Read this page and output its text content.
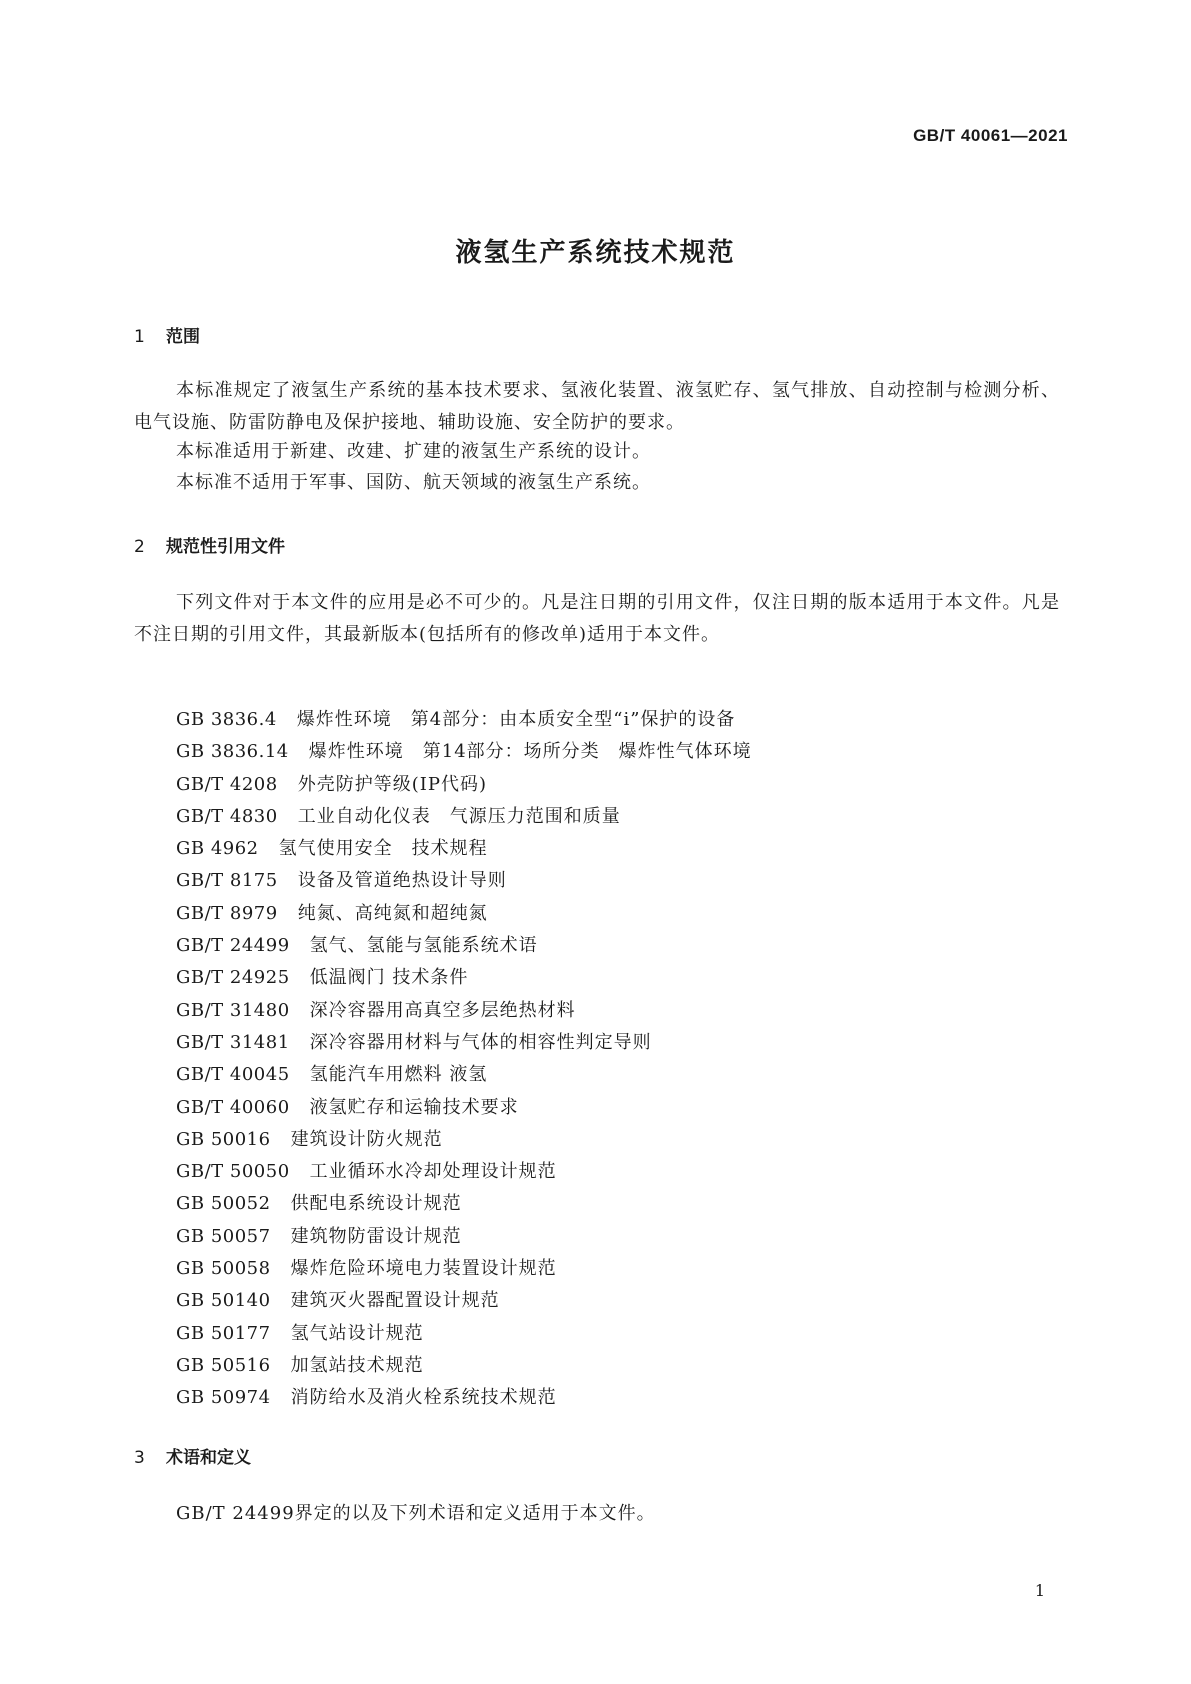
GB/T 40061—2021
液氢生产系统技术规范
1 范围

本标准规定了液氢生产系统的基本技术要求、氢液化装置、液氢贮存、氢气排放、自动控制与检测分析、电气设施、防雷防静电及保护接地、辅助设施、安全防护的要求。

本标准适用于新建、改建、扩建的液氢生产系统的设计。

本标准不适用于军事、国防、航天领域的液氢生产系统。

2 规范性引用文件

下列文件对于本文件的应用是必不可少的。凡是注日期的引用文件，仅注日期的版本适用于本文件。凡是不注日期的引用文件，其最新版本(包括所有的修改单)适用于本文件。

GB 3836.4 爆炸性环境　第4部分：由本质安全型“i”保护的设备
GB 3836.14 爆炸性环境　第14部分：场所分类　爆炸性气体环境
GB/T 4208 外壳防护等级(IP代码)
GB/T 4830 工业自动化仪表　气源压力范围和质量
GB 4962 氢气使用安全　技术规程
GB/T 8175 设备及管道绝热设计导则
GB/T 8979 纯氮、高纯氮和超纯氮
GB/T 24499 氢气、氢能与氢能系统术语
GB/T 24925 低温阀门 技术条件
GB/T 31480 深冷容器用高真空多层绝热材料
GB/T 31481 深冷容器用材料与气体的相容性判定导则
GB/T 40045 氢能汽车用燃料 液氢
GB/T 40060 液氢贮存和运输技术要求
GB 50016 建筑设计防火规范
GB/T 50050 工业循环水冷却处理设计规范
GB 50052 供配电系统设计规范
GB 50057 建筑物防雷设计规范
GB 50058 爆炸危险环境电力装置设计规范
GB 50140 建筑灭火器配置设计规范
GB 50177 氢气站设计规范
GB 50516 加氢站技术规范
GB 50974 消防给水及消火栓系统技术规范
3 术语和定义

GB/T 24499界定的以及下列术语和定义适用于本文件。

1
